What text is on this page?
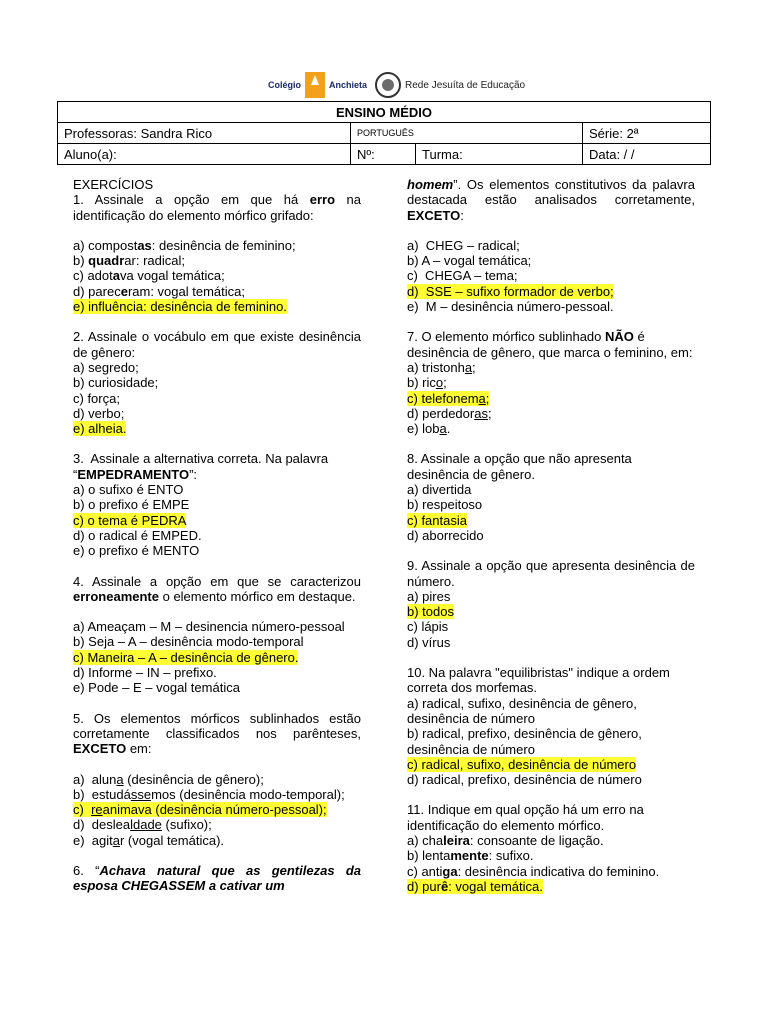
Colégio	Anchieta	Rede Jesuíta de Educação
ENSINO MÉDIO			
Professoras: Sandra Rico	PORTUGUÊS		Série: 2ª
Aluno(a):	Nº:	Turma:	Data: / /

EXERCÍCIOS

1. Assinale a opção em que há erro na identificação do elemento mórfico grifado:

a) compostas: desinência de feminino;

b) quadrar: radical;

c) adotava vogal temática;

d) pareceram: vogal temática;

e) influência: desinência de feminino.

2. Assinale o vocábulo em que existe desinência de gênero:

a) segredo;

b) curiosidade;

c) força;

d) verbo;

e) alheia.

3.  Assinale a alternativa correta. Na palavra

“EMPEDRAMENTO”:

a) o sufixo é ENTO

b) o prefixo é EMPE

c) o tema é PEDRA

d) o radical é EMPED.

e) o prefixo é MENTO

4. Assinale a opção em que se caracterizou erroneamente o elemento mórfico em destaque.

a) Ameaçam – M – desinencia número-pessoal

b) Seja – A – desinência modo-temporal

c) Maneira – A – desinência de gênero.

d) Informe – IN – prefixo.

e) Pode – E – vogal temática

5. Os elementos mórficos sublinhados estão corretamente classificados nos parênteses, EXCETO em:

a)  aluna (desinência de gênero);

b)  estudássemos (desinência modo-temporal);

c)  reanimava (desinência número-pessoal);

d)  deslealdade (sufixo);

e)  agitar (vogal temática).

6. “Achava natural que as gentilezas da esposa CHEGASSEM a cativar um

homem”. Os elementos constitutivos da palavra destacada estão analisados corretamente, EXCETO:

a)  CHEG – radical;

b) A – vogal temática;

c)  CHEGA – tema;

d)  SSE – sufixo formador de verbo;

e)  M – desinência número-pessoal.

7. O elemento mórfico sublinhado NÃO é desinência de gênero, que marca o feminino, em:

a) tristonha;

b) rico;

c) telefonema;

d) perdedoras;

e) loba.

8. Assinale a opção que não apresenta desinência de gênero.

a) divertida

b) respeitoso

c) fantasia

d) aborrecido

9. Assinale a opção que apresenta desinência de número.

a) pires

b) todos

c) lápis

d) vírus

10. Na palavra "equilibristas" indique a ordem correta dos morfemas.

a) radical, sufixo, desinência de gênero, desinência de número

b) radical, prefixo, desinência de gênero, desinência de número

c) radical, sufixo, desinência de número

d) radical, prefixo, desinência de número

11. Indique em qual opção há um erro na identificação do elemento mórfico.

a) chaleira: consoante de ligação.

b) lentamente: sufixo.

c) antiga: desinência indicativa do feminino.

d) purê: vogal temática.
